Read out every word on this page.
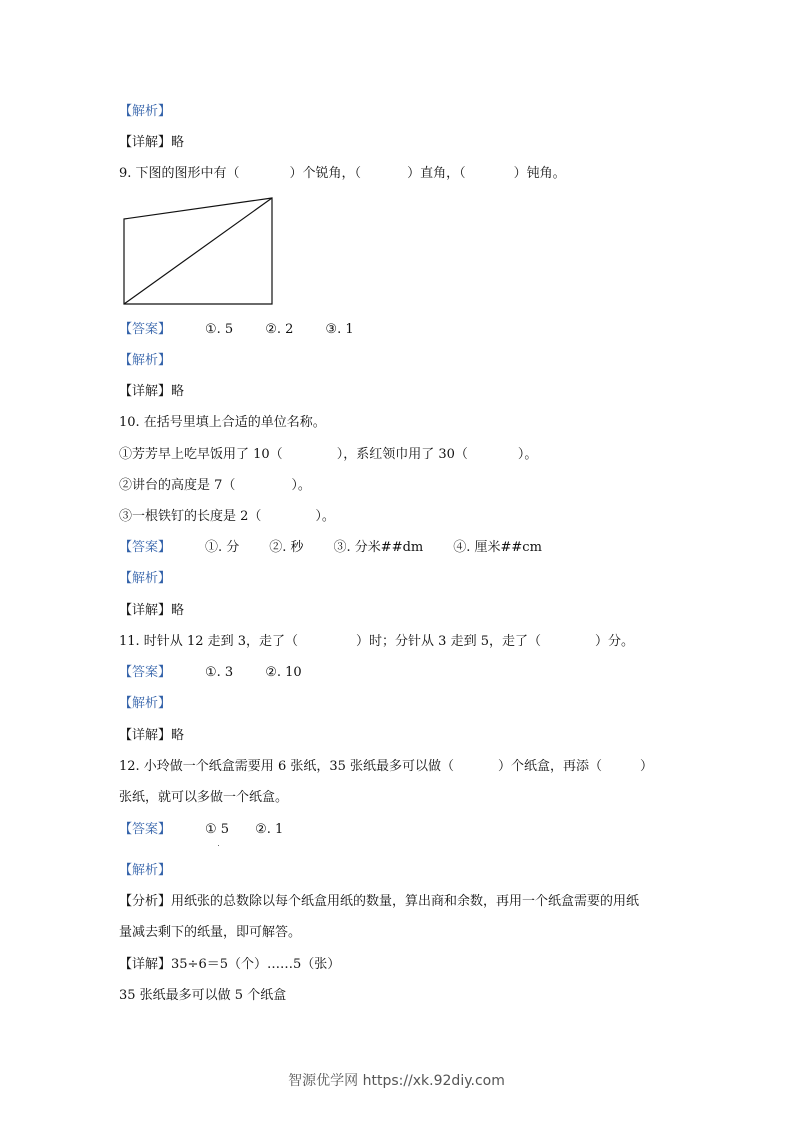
【解析】
【详解】略
9. 下图的图形中有（	）个锐角，（	）直角，（	）钝角。
【答案】	①. 5 ②. 2 ③. 1
【解析】
【详解】略
10. 在括号里填上合适的单位名称。
①芳芳早上吃早饭用了 10（	），系红领巾用了 30（	）。
②讲台的高度是 7（	）。
③一根铁钉的长度是 2（	）。
【答案】	①. 分 ②. 秒 ③. 分米##dm ④. 厘米##cm
【解析】
【详解】略
11. 时针从 12 走到 3，走了（	）时；分针从 3 走到 5，走了（	）分。
【答案】	①. 3 ②. 10
【解析】
【详解】略
12. 小玲做一个纸盒需要用 6 张纸，35 张纸最多可以做（	）个纸盒，再添（	）
张纸，就可以多做一个纸盒。
【答案】	① 5 ②. 1
【解析】
【分析】用纸张的总数除以每个纸盒用纸的数量，算出商和余数，再用一个纸盒需要的用纸
量减去剩下的纸量，即可解答。
【详解】35÷6＝5（个）……5（张）
35 张纸最多可以做 5 个纸盒
智源优学网 https://xk.92diy.com
